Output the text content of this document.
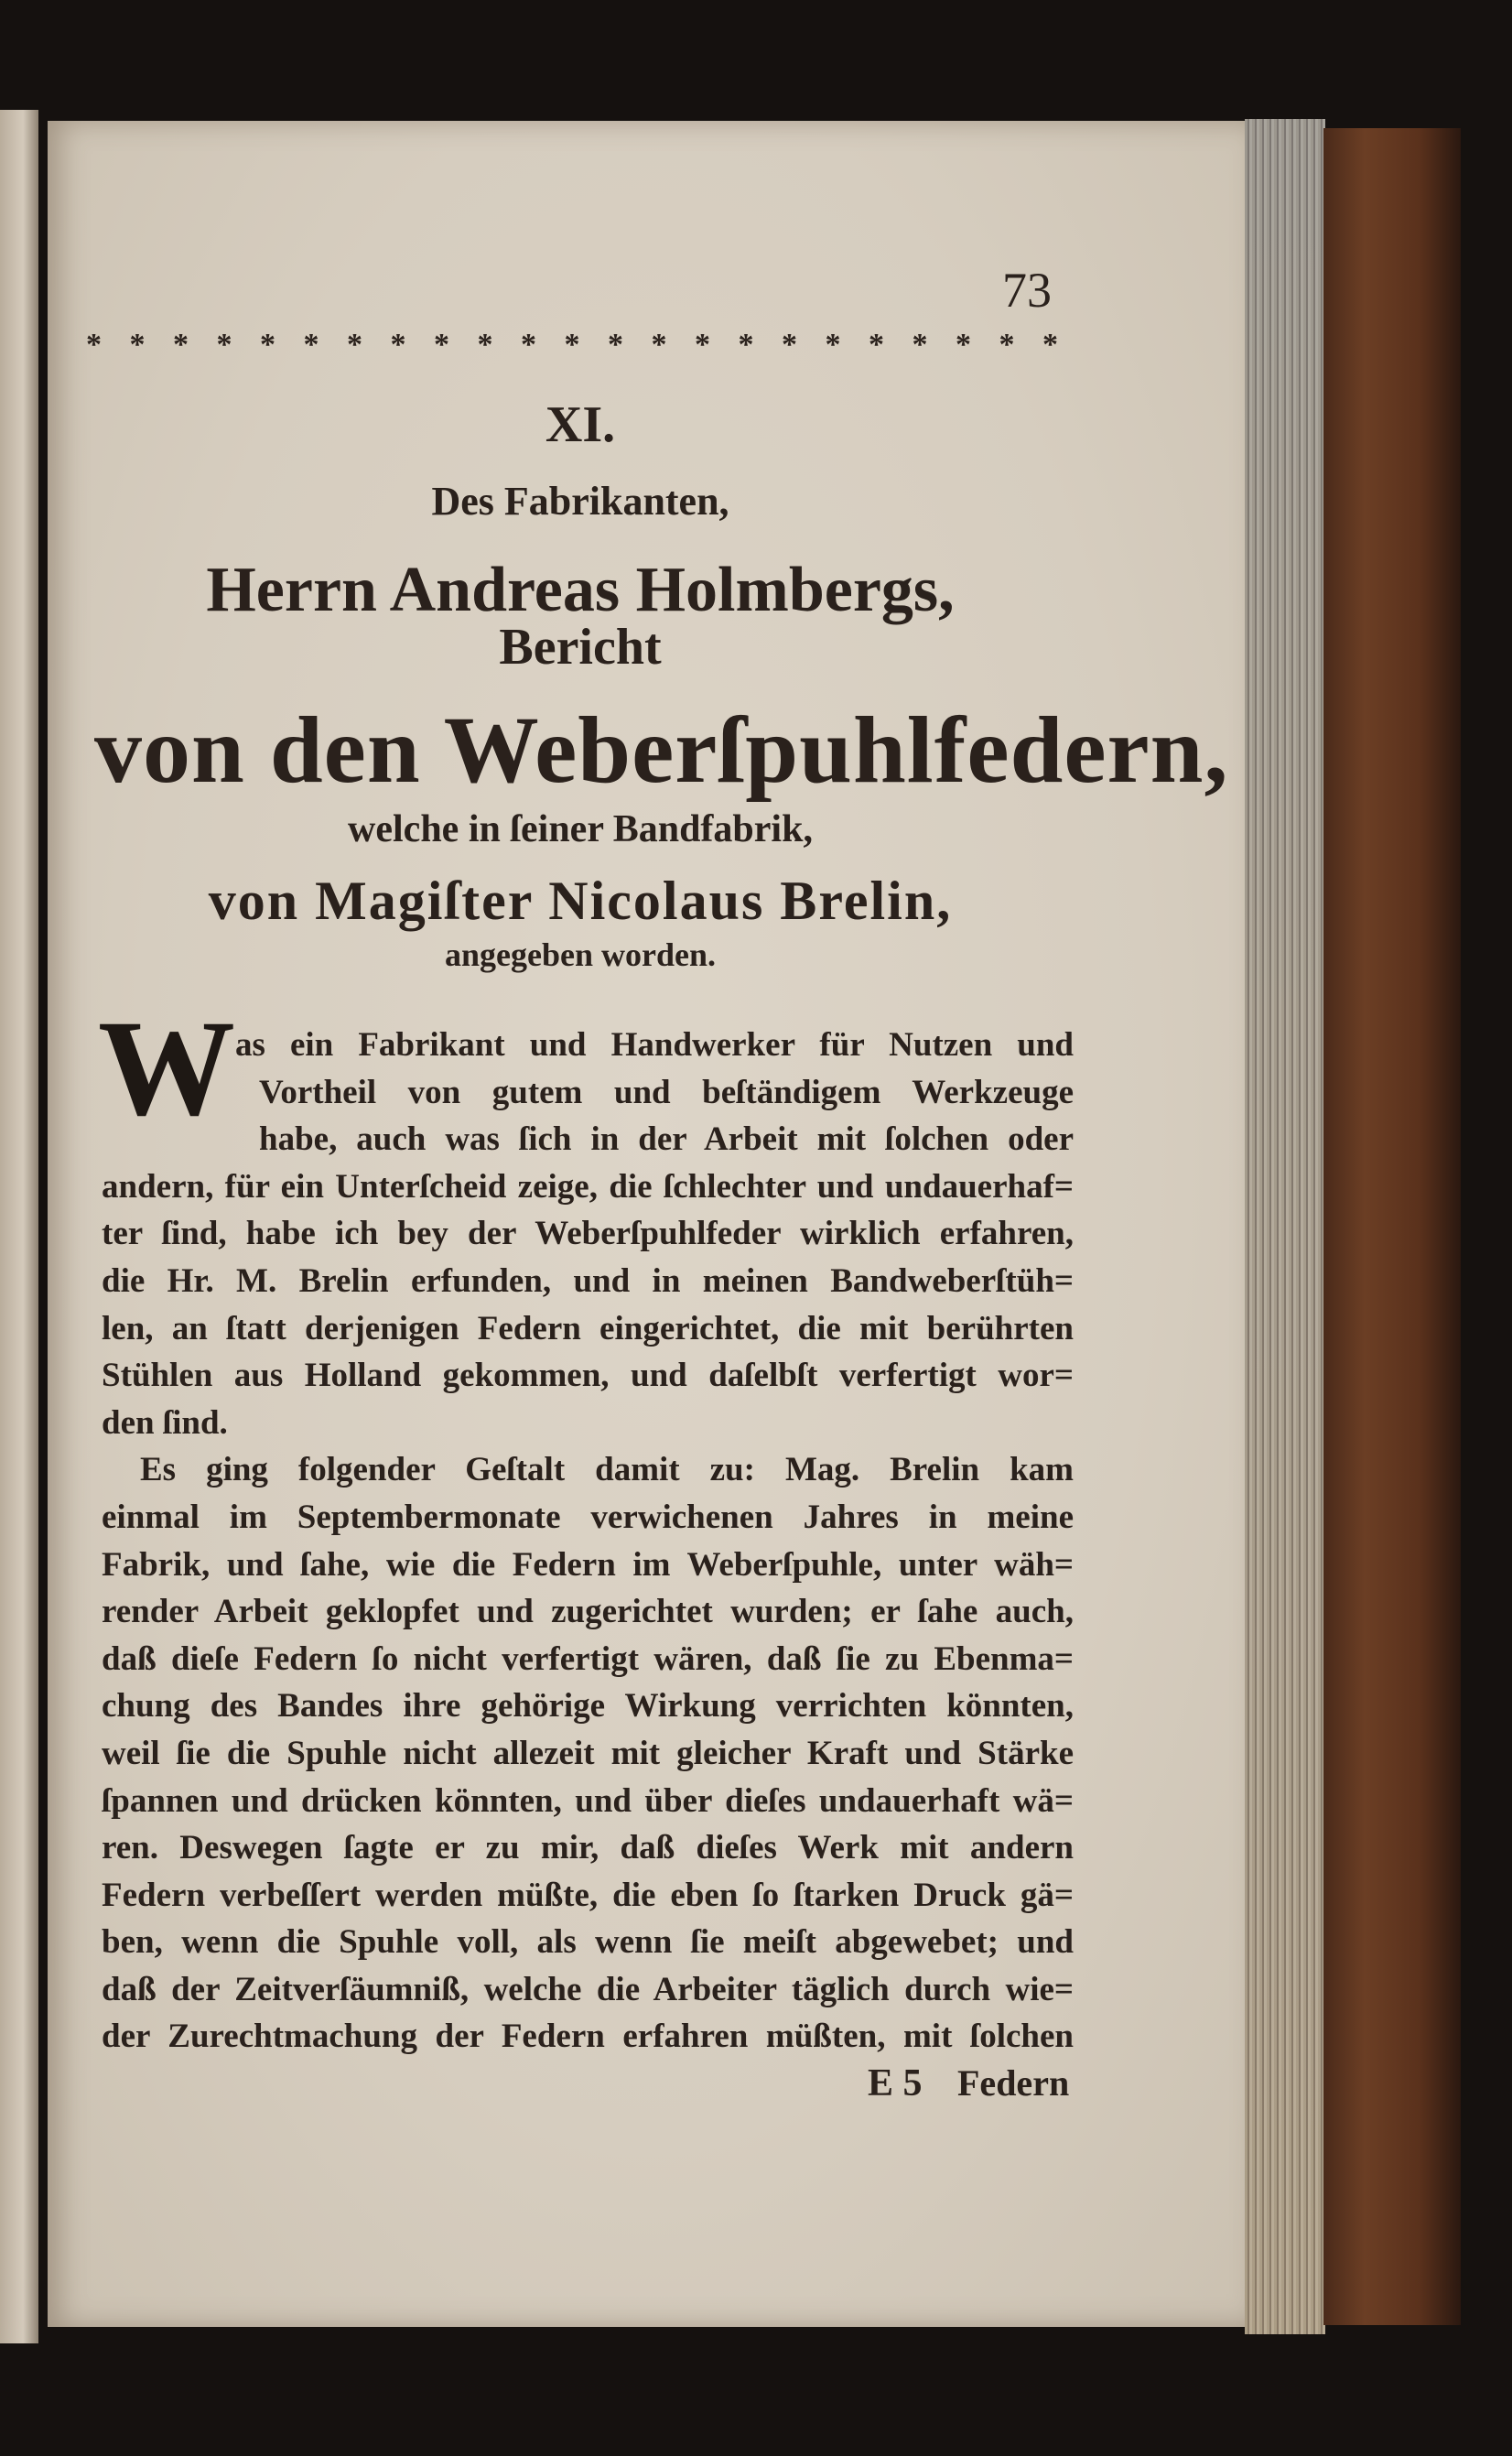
73
* * * * * * * * * * * * * * * * * * * * * * *
XI.
Des Fabrikanten,
Herrn Andreas Holmbergs,
Bericht
von den Weberſpuhlfedern,
welche in ſeiner Bandfabrik,
von Magiſter Nicolaus Brelin,
angegeben worden.
W as ein Fabrikant und Handwerker für Nutzen und
Vortheil von gutem und beſtändigem Werkzeuge
habe, auch was ſich in der Arbeit mit ſolchen oder
andern, für ein Unterſcheid zeige, die ſchlechter und undauerhaf=
ter ſind, habe ich bey der Weberſpuhlfeder wirklich erfahren,
die Hr. M. Brelin erfunden, und in meinen Bandweberſtüh=
len, an ſtatt derjenigen Federn eingerichtet, die mit berührten
Stühlen aus Holland gekommen, und daſelbſt verfertigt wor=
den ſind.
Es ging folgender Geſtalt damit zu: Mag. Brelin kam
einmal im Septembermonate verwichenen Jahres in meine
Fabrik, und ſahe, wie die Federn im Weberſpuhle, unter wäh=
render Arbeit geklopfet und zugerichtet wurden; er ſahe auch,
daß dieſe Federn ſo nicht verfertigt wären, daß ſie zu Ebenma=
chung des Bandes ihre gehörige Wirkung verrichten könnten,
weil ſie die Spuhle nicht allezeit mit gleicher Kraft und Stärke
ſpannen und drücken könnten, und über dieſes undauerhaft wä=
ren. Deswegen ſagte er zu mir, daß dieſes Werk mit andern
Federn verbeſſert werden müßte, die eben ſo ſtarken Druck gä=
ben, wenn die Spuhle voll, als wenn ſie meiſt abgewebet; und
daß der Zeitverſäumniß, welche die Arbeiter täglich durch wie=
der Zurechtmachung der Federn erfahren müßten, mit ſolchen
E 5 Federn
